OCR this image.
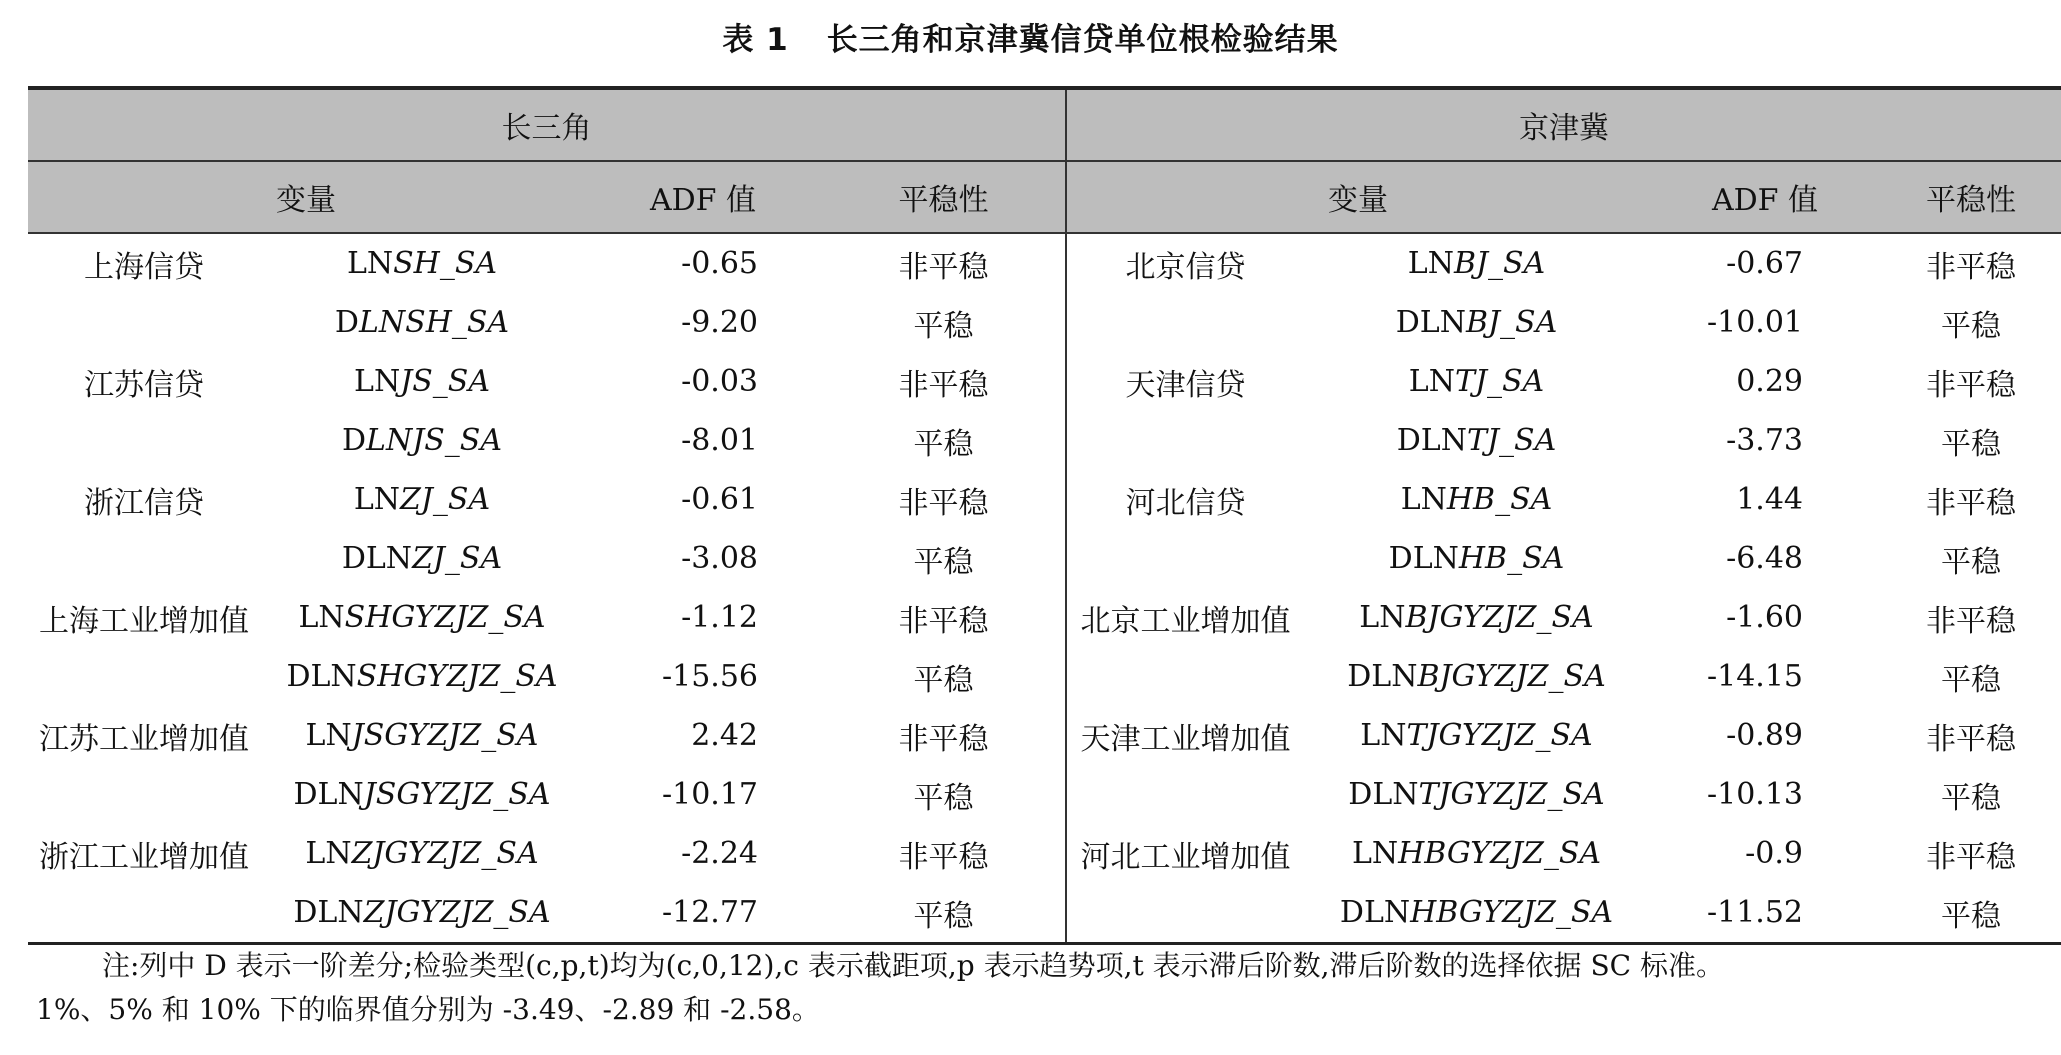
表 1 长三角和京津冀信贷单位根检验结果
长三角				京津冀			
变量		ADF 值	平稳性	变量		ADF 值	平稳性
上海信贷	LNSH_SA	-0.65	非平稳	北京信贷	LNBJ_SA	-0.67	非平稳
	DLNSH_SA	-9.20	平稳		DLNBJ_SA	-10.01	平稳
江苏信贷	LNJS_SA	-0.03	非平稳	天津信贷	LNTJ_SA	0.29	非平稳
	DLNJS_SA	-8.01	平稳		DLNTJ_SA	-3.73	平稳
浙江信贷	LNZJ_SA	-0.61	非平稳	河北信贷	LNHB_SA	1.44	非平稳
	DLNZJ_SA	-3.08	平稳		DLNHB_SA	-6.48	平稳
上海工业增加值	LNSHGYZJZ_SA	-1.12	非平稳	北京工业增加值	LNBJGYZJZ_SA	-1.60	非平稳
	DLNSHGYZJZ_SA	-15.56	平稳		DLNBJGYZJZ_SA	-14.15	平稳
江苏工业增加值	LNJSGYZJZ_SA	2.42	非平稳	天津工业增加值	LNTJGYZJZ_SA	-0.89	非平稳
	DLNJSGYZJZ_SA	-10.17	平稳		DLNTJGYZJZ_SA	-10.13	平稳
浙江工业增加值	LNZJGYZJZ_SA	-2.24	非平稳	河北工业增加值	LNHBGYZJZ_SA	-0.9	非平稳
	DLNZJGYZJZ_SA	-12.77	平稳		DLNHBGYZJZ_SA	-11.52	平稳

注:列中 D 表示一阶差分;检验类型(c,p,t)均为(c,0,12),c 表示截距项,p 表示趋势项,t 表示滞后阶数,滞后阶数的选择依据 SC 标准。

1%、5% 和 10% 下的临界值分别为 -3.49、-2.89 和 -2.58。
